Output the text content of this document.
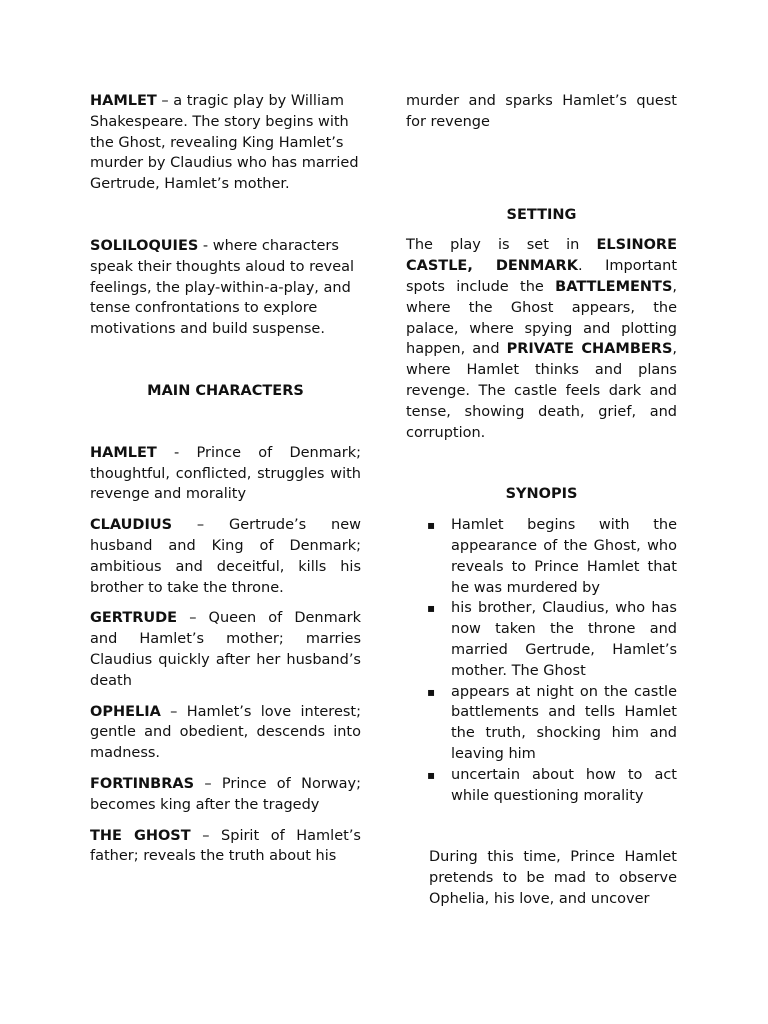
HAMLET – a tragic play by William Shakespeare. The story begins with the Ghost, revealing King Hamlet’s murder by Claudius who has married Gertrude, Hamlet’s mother.

SOLILOQUIES - where characters speak their thoughts aloud to reveal feelings, the play-within-a-play, and tense confrontations to explore motivations and build suspense.

MAIN CHARACTERS

HAMLET - Prince of Denmark; thoughtful, conflicted, struggles with revenge and morality

CLAUDIUS – Gertrude’s new husband and King of Denmark; ambitious and deceitful, kills his brother to take the throne.

GERTRUDE – Queen of Denmark and Hamlet’s mother; marries Claudius quickly after her husband’s death

OPHELIA – Hamlet’s love interest; gentle and obedient, descends into madness.

FORTINBRAS – Prince of Norway; becomes king after the tragedy

THE GHOST – Spirit of Hamlet’s father; reveals the truth about his

murder and sparks Hamlet’s quest for revenge

SETTING

The play is set in ELSINORE CASTLE, DENMARK. Important spots include the BATTLEMENTS, where the Ghost appears, the palace, where spying and plotting happen, and PRIVATE CHAMBERS, where Hamlet thinks and plans revenge. The castle feels dark and tense, showing death, grief, and corruption.

SYNOPIS

▪ Hamlet begins with the appearance of the Ghost, who reveals to Prince Hamlet that he was murdered by
▪ his brother, Claudius, who has now taken the throne and married Gertrude, Hamlet’s mother. The Ghost
▪ appears at night on the castle battlements and tells Hamlet the truth, shocking him and leaving him
▪ uncertain about how to act while questioning morality

During this time, Prince Hamlet pretends to be mad to observe Ophelia, his love, and uncover
